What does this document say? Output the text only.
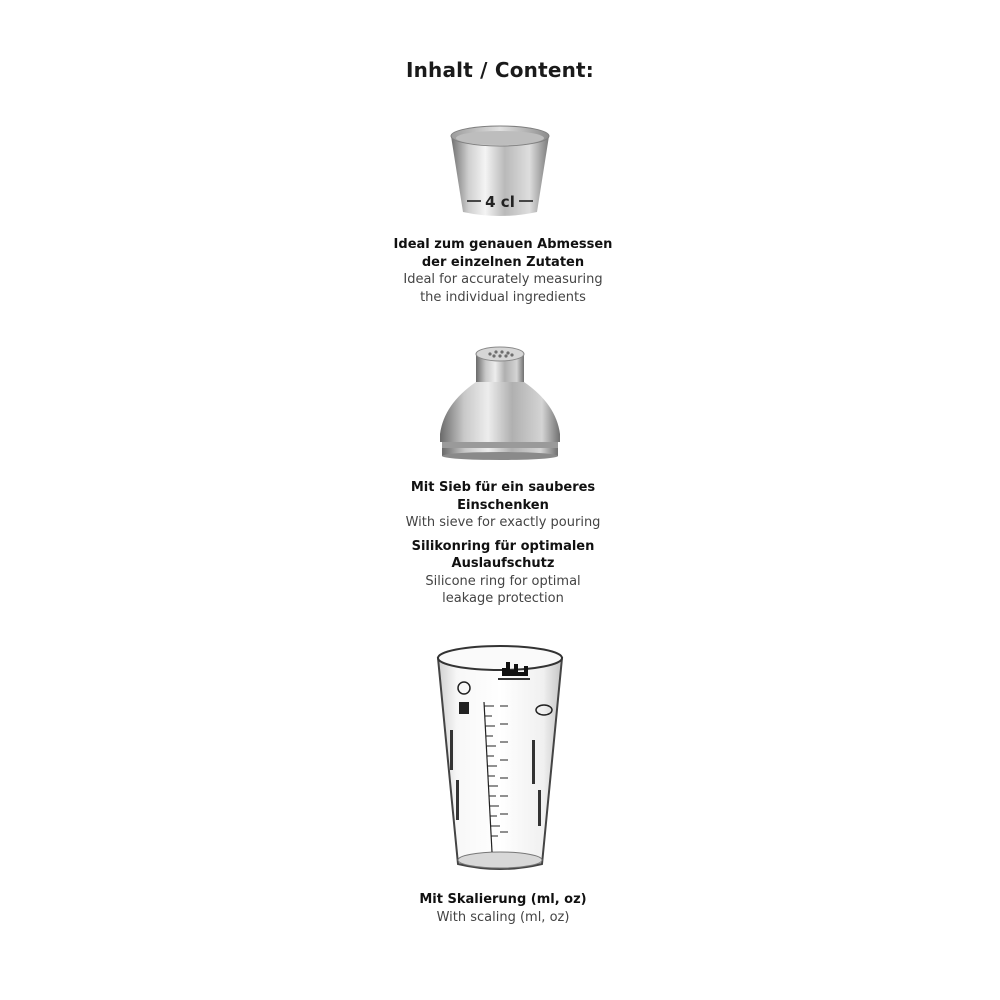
Inhalt / Content:
4 cl
Ideal zum genauen Abmessen
der einzelnen Zutaten
Ideal for accurately measuring
the individual ingredients
Mit Sieb für ein sauberes
Einschenken
With sieve for exactly pouring
Silikonring für optimalen
Auslaufschutz
Silicone ring for optimal
leakage protection
Mit Skalierung (ml, oz)
With scaling (ml, oz)
